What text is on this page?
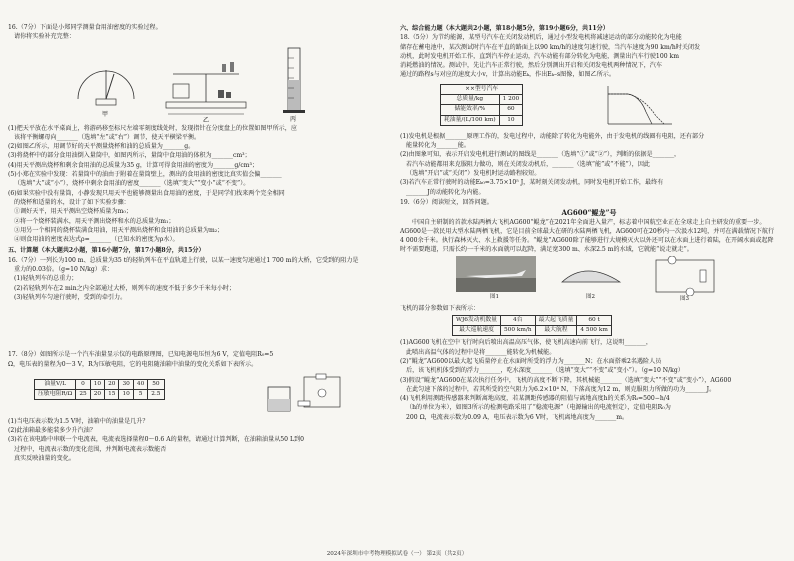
16.（7分）下面是小郑同学测量食用油密度的实验过程。

请你将实验补充完整：

甲
乙	丙

(1)把天平放在水平桌面上，将游码移至标尺左端零刻度线处时，发现指针在分度盘上的位置如图甲所示，应

该将平衡螺母向_______（选填“左”或“右”）调节，使天平横梁平衡。

(2)如图乙所示，用调节好的天平测量烧杯和油的总质量为_______g。

(3)将烧杯中的部分食用油倒入量筒中，如图丙所示，量筒中食用油的体积为_______cm³；

(4)用天平测出烧杯和剩余食用油的总质量为35 g，计算可得食用油的密度为_______g/cm³；

(5)小郑在实验中发现：若量筒中的油由于附着在量筒壁上，测出的食用油的密度比真实值会偏_______

（选填“大”或“小”），烧杯中剩余食用油的密度_______（选填“变大”“变小”或“不变”）。

(6)如果实验中没有量筒，小静发现只用天平也能够测量出食用油的密度，于是同学们找来两个完全相同

的烧杯和适量的水，设计了如下实验步骤：

①调好天平，用天平测出空烧杯质量为m₀；

②将一个烧杯装满水，用天平测出烧杯和水的总质量为m₁；

③用另一个相同的烧杯装满食用油，用天平测出烧杯和食用油的总质量为m₂；

④则食用油的密度表达式ρ=_______（已知水的密度为ρ水）。

五、计算题（本大题共2小题，第16小题7分，第17小题8分，共15分）

16.（7分）一列长为100 m、总质量为35 t的轻轨列车在平直轨道上行驶，以某一速度匀速通过1 700 m的大桥，它受到的阻力是

重力的0.03倍。（g=10 N/kg）求：

(1)轻轨列车的总重力；

(2)若轻轨列车在2 min之内全部通过大桥，则列车的速度不低于多少千米每小时；

(3)轻轨列车匀速行驶时，受到的牵引力。

17.（8分）如图所示是一个汽车油量显示仪的电路原理图，已知电源电压恒为6 V，定值电阻R₀=5

Ω，电压表的量程为0～3 V，R为压敏电阻，它的电阻随油箱中油量的变化关系如下表所示。

油量V/L	0	10	20	30	40	50
压敏电阻R/Ω	25	20	15	10	5	2.5

(1)当电压表示数为1.5 V时，油箱中的油量是几升？

(2)此油箱最多能装多少升汽油？

(3)若在该电路中串联一个电流表，电流表选择量程0～0.6 A的量程，请通过计算判断，在油箱油量从50 L到0

过程中，电流表示数的变化范围，并判断电流表示数能否

真实反映油量的变化。

六、综合能力题（本大题共2小题，第18小题5分，第19小题6分，共11分）

18.（5分）为节约能源，某型号汽车在关闭发动机后，通过小型发电机将减速运动的部分动能转化为电能

储存在蓄电池中，某次测试时汽车在平直的路面上以90 km/h的速度匀速行驶，当汽车速度为90 km/h时关闭发

动机，此时发电机开始工作，直到汽车停止运动，汽车动能有部分转化为电能，测量出汽车行驶100 km

消耗燃油的情况。测试中，先让汽车正常行驶，然后分别测出开启和关闭发电机两种情况下，汽车

通过的路程s与对应的速度大小v，计算出动能Eₖ，作出Eₖ–s图像，如图乙所示。

××型号汽车	
总质量/kg	1 200
储能效率/%	60
耗油量/(L/100 km)	10

(1)发电机是根据_______原理工作的，发电过程中，动能除了转化为电能外，由于发电机的线圈有电阻，还有部分

能量转化为_______能。

(2)由图象可知，表示开启发电机进行测试的图线是_______（选填“①”或“②”），判断的依据是_______，

若汽车动能都用来克服阻力做功，则在关闭发动机后，_______（选填“能”或“不能”），因此

（选填“开启”或“关闭”）发电机时运动路程较短。

(3)若汽车正常行驶时的动能Eₖ₀=3.75×10⁵ J，某时刻关闭发动机，同时发电机开始工作，最终有

_______J的动能转化为内能。

19.（6分）阅读短文，回答问题。

AG600“鲲龙”号

中国自主研制的首款水陆两栖大飞机AG600“鲲龙”在2021年全面进入量产，标志着中国航空业正在全球走上自主研发的重要一步。AG600是一款民用大型水陆两栖飞机，它是目前全球最大在研的水陆两栖飞机，AG600可在20秒内一次汲水12吨，并可在满载情况下航行4 000余千米。执行森林灭火、水上救援等任务。“鲲龙”AG600除了能够进行大规模灭火以外还可以在水面上进行着陆，在开阔水面或起降时不需要跑道，只需长约一千米的水面就可以起降，满足宽300 m、水深2.5 m的水域，它就能“说走就走”。

图1	图2	图3

飞机的部分参数如下表所示：

WJ6发动机数量	4台	最大起飞质量	60 t
最大巡航速度	500 km/h	最大航程	4 500 km

(1)AG600飞机在空中飞行时向后喷出高温高压气体，使飞机高速向前飞行，这说明_______，

此喷出高温气体的过程中是将_______能转化为机械能。

(2)“鲲龙”AG600以最大起飞质量停止在水面时所受的浮力为_______N；在水面搭乘2名遇险人员

后，该飞机机体受到的浮力_______，吃水深度_______（选填“变大”“不变”或“变小”）。（g=10 N/kg）

(3)假设“鲲龙”AG600在某次执行任务中，飞机的高度不断下降，其机械能_______（选填“变大”“不变”或“变小”），AG600

在此匀速下落的过程中，若其所受的空气阻力为6.2×10⁴ N，下落高度为12 m，则克服阻力所做的功为_______J。

(4)飞机利用测距传感器来判断离地高度，若某测距传感器的阻值与离地高度h的关系为Rₜ=500−h/4

（h的单位为米），如图3所示的检测电路采用了“稳流电源”（电源输出的电流恒定），定值电阻R₀为

200 Ω，电流表示数为0.09 A，电压表示数为6 V时，飞机离地高度为_______m。

2024年深圳市中考物理模拟试卷（一） 第2页（共2页）
